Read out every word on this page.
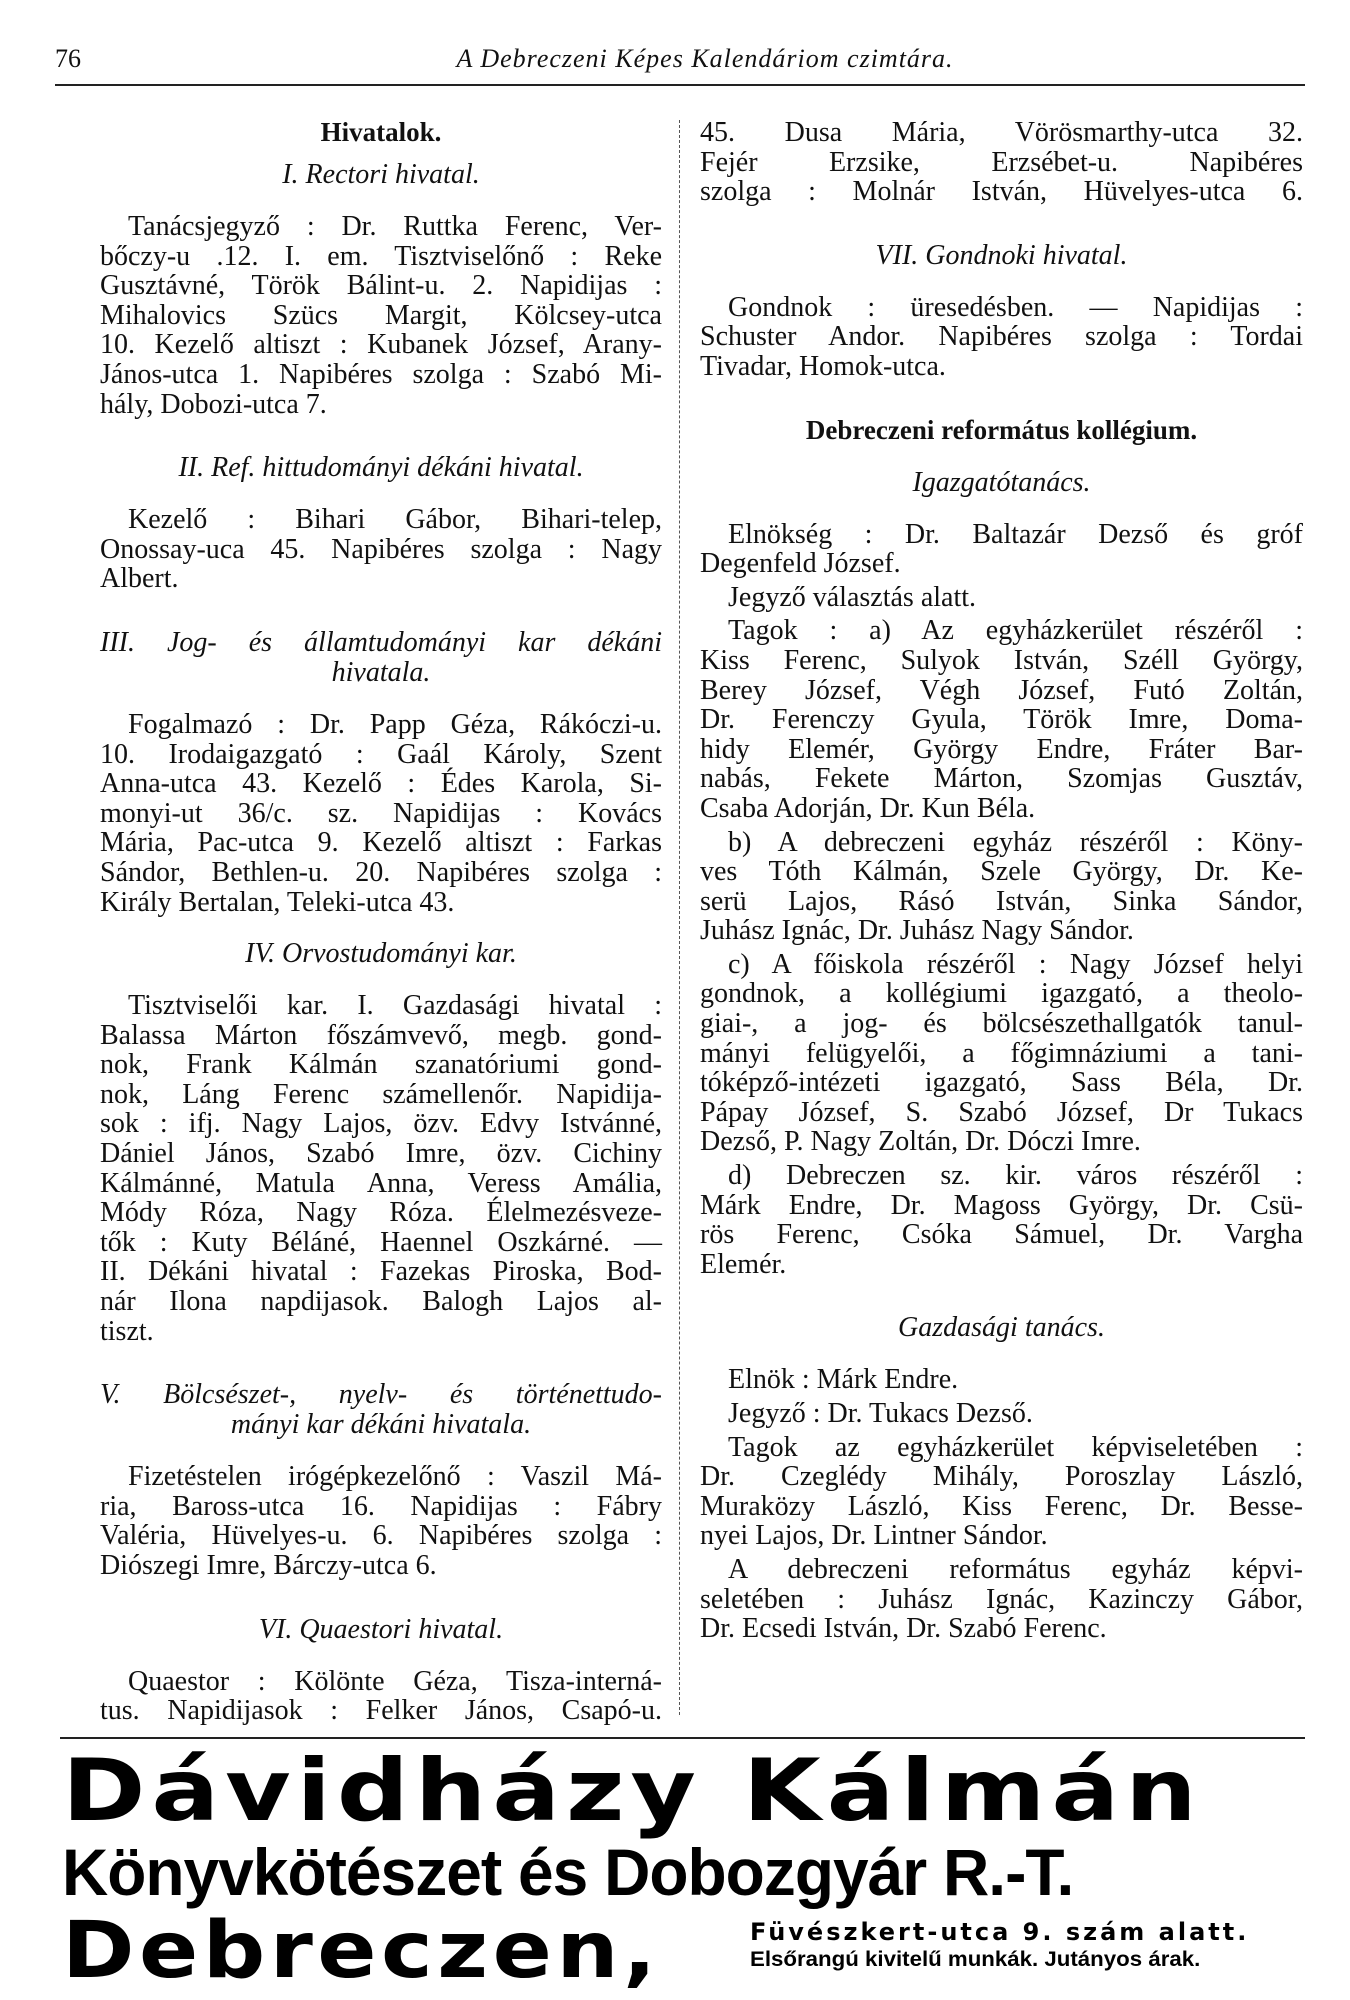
76	A Debreczeni Képes Kalendáriom czimtára.
Hivatalok.
I. Rectori hivatal.
Tanácsjegyző : Dr. Ruttka Ferenc, Ver-
bőczy-u .12. I. em. Tisztviselőnő : Reke
Gusztávné, Török Bálint-u. 2. Napidijas :
Mihalovics Szücs Margit, Kölcsey-utca
10. Kezelő altiszt : Kubanek József, Arany-
János-utca 1. Napibéres szolga : Szabó Mi-
hály, Dobozi-utca 7.
II. Ref. hittudományi dékáni hivatal.
Kezelő : Bihari Gábor, Bihari-telep,
Onossay-uca 45. Napibéres szolga : Nagy
Albert.
III. Jog- és államtudományi kar dékáni
hivatala.
Fogalmazó : Dr. Papp Géza, Rákóczi-u.
10. Irodaigazgató : Gaál Károly, Szent
Anna-utca 43. Kezelő : Édes Karola, Si-
monyi-ut 36/c. sz. Napidijas : Kovács
Mária, Pac-utca 9. Kezelő altiszt : Farkas
Sándor, Bethlen-u. 20. Napibéres szolga :
Király Bertalan, Teleki-utca 43.
IV. Orvostudományi kar.
Tisztviselői kar. I. Gazdasági hivatal :
Balassa Márton főszámvevő, megb. gond-
nok, Frank Kálmán szanatóriumi gond-
nok, Láng Ferenc számellenőr. Napidija-
sok : ifj. Nagy Lajos, özv. Edvy Istvánné,
Dániel János, Szabó Imre, özv. Cichiny
Kálmánné, Matula Anna, Veress Amália,
Módy Róza, Nagy Róza. Élelmezésveze-
tők : Kuty Béláné, Haennel Oszkárné. —
II. Dékáni hivatal : Fazekas Piroska, Bod-
nár Ilona napdijasok. Balogh Lajos al-
tiszt.
V. Bölcsészet-, nyelv- és történettudo-
mányi kar dékáni hivatala.
Fizetéstelen irógépkezelőnő : Vaszil Má-
ria, Baross-utca 16. Napidijas : Fábry
Valéria, Hüvelyes-u. 6. Napibéres szolga :
Diószegi Imre, Bárczy-utca 6.
VI. Quaestori hivatal.
Quaestor : Kölönte Géza, Tisza-interná-
tus. Napidijasok : Felker János, Csapó-u.
45. Dusa Mária, Vörösmarthy-utca 32.
Fejér Erzsike, Erzsébet-u. Napibéres
szolga : Molnár István, Hüvelyes-utca 6.
VII. Gondnoki hivatal.
Gondnok : üresedésben. — Napidijas :
Schuster Andor. Napibéres szolga : Tordai
Tivadar, Homok-utca.
Debreczeni református kollégium.
Igazgatótanács.
Elnökség : Dr. Baltazár Dezső és gróf
Degenfeld József.
Jegyző választás alatt.
Tagok : a) Az egyházkerület részéről :
Kiss Ferenc, Sulyok István, Széll György,
Berey József, Végh József, Futó Zoltán,
Dr. Ferenczy Gyula, Török Imre, Doma-
hidy Elemér, György Endre, Fráter Bar-
nabás, Fekete Márton, Szomjas Gusztáv,
Csaba Adorján, Dr. Kun Béla.
b) A debreczeni egyház részéről : Köny-
ves Tóth Kálmán, Szele György, Dr. Ke-
serü Lajos, Rásó István, Sinka Sándor,
Juhász Ignác, Dr. Juhász Nagy Sándor.
c) A főiskola részéről : Nagy József helyi
gondnok, a kollégiumi igazgató, a theolo-
giai-, a jog- és bölcsészethallgatók tanul-
mányi felügyelői, a főgimnáziumi a tani-
tóképző-intézeti igazgató, Sass Béla, Dr.
Pápay József, S. Szabó József, Dr Tukacs
Dezső, P. Nagy Zoltán, Dr. Dóczi Imre.
d) Debreczen sz. kir. város részéről :
Márk Endre, Dr. Magoss György, Dr. Csü-
rös Ferenc, Csóka Sámuel, Dr. Vargha
Elemér.
Gazdasági tanács.
Elnök : Márk Endre.
Jegyző : Dr. Tukacs Dezső.
Tagok az egyházkerület képviseletében :
Dr. Czeglédy Mihály, Poroszlay László,
Muraközy László, Kiss Ferenc, Dr. Besse-
nyei Lajos, Dr. Lintner Sándor.
A debreczeni református egyház képvi-
seletében : Juhász Ignác, Kazinczy Gábor,
Dr. Ecsedi István, Dr. Szabó Ferenc.
Dávidházy Kálmán
Könyvkötészet és Dobozgyár R.-T.
Debreczen,	Füvészkert-utca 9. szám alatt.
Elsőrangú kivitelű munkák. Jutányos árak.
